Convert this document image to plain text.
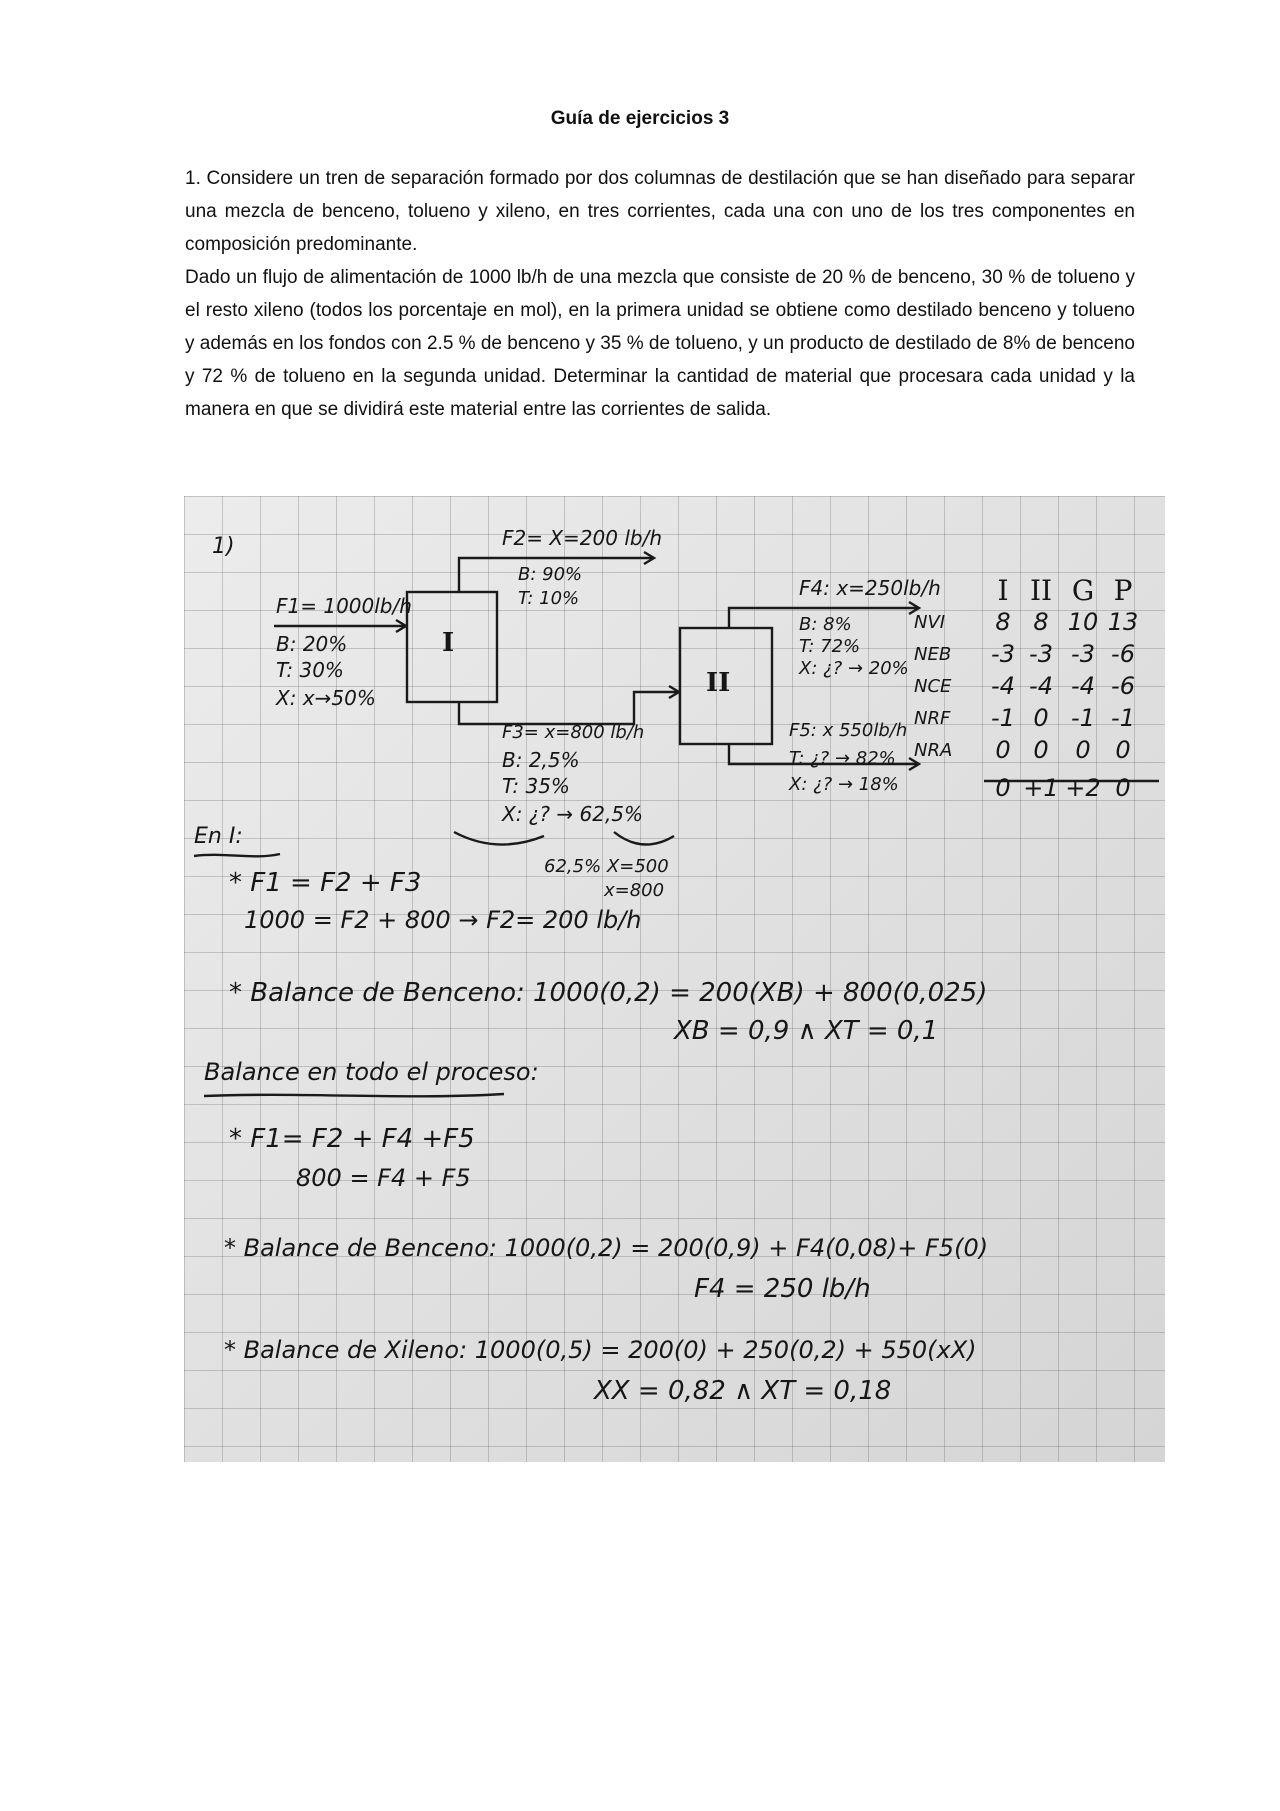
Guía de ejercicios 3

1. Considere un tren de separación formado por dos columnas de destilación que se han diseñado para separar una mezcla de benceno, tolueno y xileno, en tres corrientes, cada una con uno de los tres componentes en composición predominante.

Dado un flujo de alimentación de 1000 lb/h de una mezcla que consiste de 20 % de benceno, 30 % de tolueno y el resto xileno (todos los porcentaje en mol), en la primera unidad se obtiene como destilado benceno y tolueno y además en los fondos con 2.5 % de benceno y 35 % de tolueno, y un producto de destilado de 8% de benceno y 72 % de tolueno en la segunda unidad. Determinar la cantidad de material que procesara cada unidad y la manera en que se dividirá este material entre las corrientes de salida.

1)
I
II
F1= 1000lb/h
B: 20%
T: 30%
X: x→50%
F2= X=200 lb/h
B: 90%
T: 10%
F3= x=800 lb/h
B: 2,5%
T: 35%
X: ¿? → 62,5%
F4: x=250lb/h
B: 8%
T: 72%
X: ¿? → 20%
F5: x 550lb/h
T: ¿? → 82%
X: ¿? → 18%
62,5% X=500
x=800
I II G P
NVI	8 8 10 13
NEB -3 -3 -3 -6
NCE -4 -4 -4 -6
NRF -1 0 -1 -1
NRA	0 0	0	0
0 +1 +2 0
En I:
* F1 = F2 + F3
1000 = F2 + 800 → F2= 200 lb/h
* Balance de Benceno: 1000(0,2) = 200(XB) + 800(0,025)
XB = 0,9 ∧ XT = 0,1
Balance en todo el proceso:
* F1= F2 + F4 +F5
800 = F4 + F5
* Balance de Benceno: 1000(0,2) = 200(0,9) + F4(0,08)+ F5(0)
F4 = 250 lb/h
* Balance de Xileno: 1000(0,5) = 200(0) + 250(0,2) + 550(xX)
XX = 0,82 ∧ XT = 0,18
